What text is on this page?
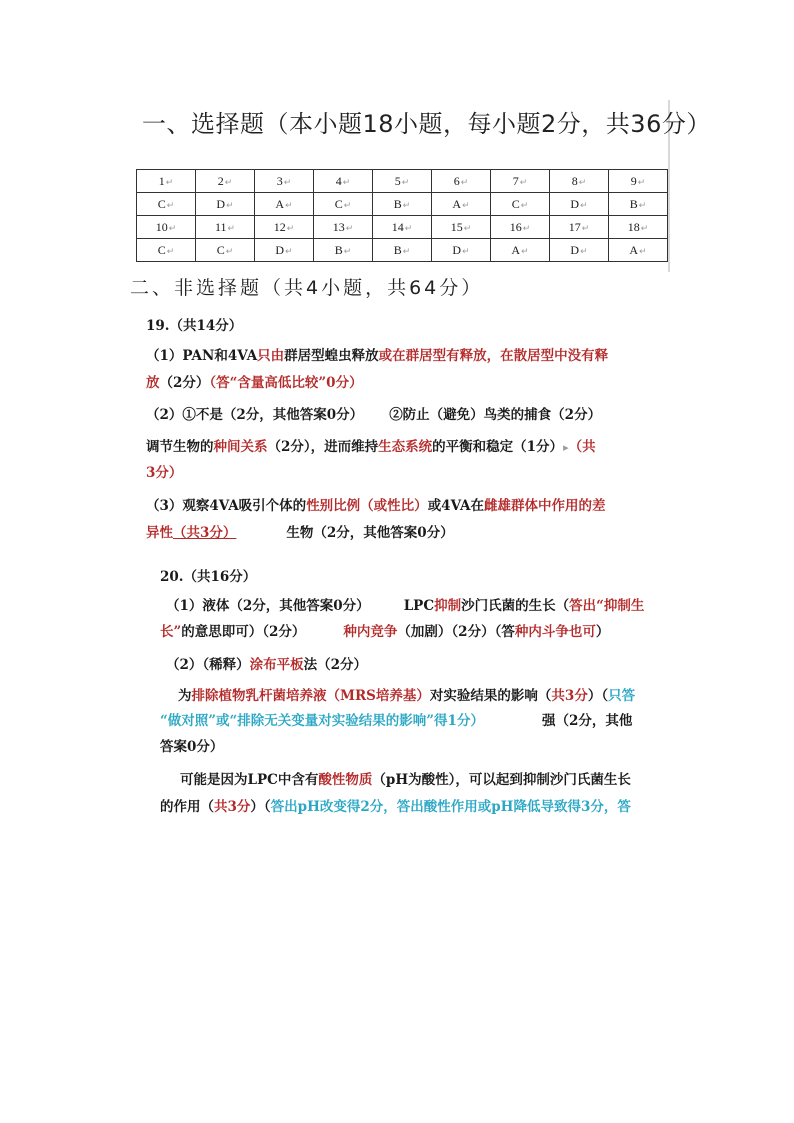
一、选择题（本小题18小题，每小题2分，共36分）
1 ↵	2 ↵	3 ↵	4 ↵	5 ↵	6 ↵	7 ↵	8 ↵	9 ↵
C ↵	D ↵	A ↵	C ↵	B ↵	A ↵	C ↵	D ↵	B ↵
10 ↵	11 ↵	12 ↵	13 ↵	14 ↵	15 ↵	16 ↵	17 ↵	18 ↵
C ↵	C ↵	D ↵	B ↵	B ↵	D ↵	A ↵	D ↵	A ↵
二、非选择题（共4小题，共64分）
19.（共14分）
（1）PAN和4VA只由群居型蝗虫释放或在群居型有释放，在散居型中没有释
放（2分）（答“含量高低比较”0分）
（2）①不是（2分，其他答案0分） ②防止（避免）鸟类的捕食（2分）
调节生物的种间关系（2分），进而维持生态系统的平衡和稳定（1分）▸（共
3分）
（3）观察4VA吸引个体的性别比例（或性比）或4VA在雌雄群体中作用的差
异性（共3分）	生物（2分，其他答案0分）
20.（共16分）
（1）液体（2分，其他答案0分）	LPC抑制沙门氏菌的生长（答出“抑制生
长”的意思即可）（2分）	种内竞争（加剧）（2分）（答种内斗争也可）
（2）（稀释）涂布平板法（2分）
为排除植物乳杆菌培养液（MRS培养基）对实验结果的影响（共3分）（只答
“做对照”或“排除无关变量对实验结果的影响”得1分）	强（2分，其他
答案0分）
可能是因为LPC中含有酸性物质（pH为酸性），可以起到抑制沙门氏菌生长
的作用（共3分）（答出pH改变得2分，答出酸性作用或pH降低导致得3分，答
